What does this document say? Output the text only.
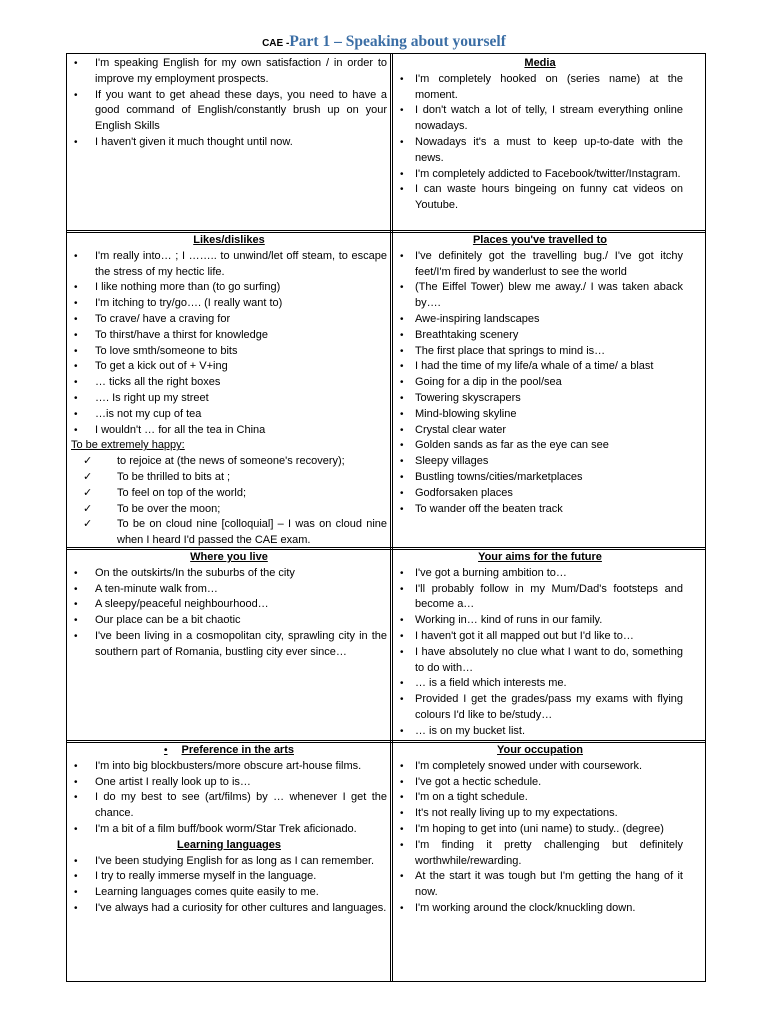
CAE -Part 1 – Speaking about yourself
• I'm speaking English for my own satisfaction / in order to improve my employment prospects.
• If you want to get ahead these days, you need to have a good command of English/constantly brush up on your English Skills
• I haven't given it much thought until now.
Media
• I'm completely hooked on (series name) at the moment.
• I don't watch a lot of telly, I stream everything online nowadays.
• Nowadays it's a must to keep up-to-date with the news.
• I'm completely addicted to Facebook/twitter/Instagram.
• I can waste hours bingeing on funny cat videos on Youtube.
Likes/dislikes
• I'm really into… ; I …….. to unwind/let off steam, to escape the stress of my hectic life.
• I like nothing more than (to go surfing)
• I'm itching to try/go…. (I really want to)
• To crave/ have a craving for
• To thirst/have a thirst for knowledge
• To love smth/someone to bits
• To get a kick out of + V+ing
• … ticks all the right boxes
• …. Is right up my street
• …is not my cup of tea
• I wouldn't … for all the tea in China
To be extremely happy:
✓ to rejoice at (the news of someone's recovery);
✓ To be thrilled to bits at ;
✓ To feel on top of the world;
✓ To be over the moon;
✓ To be on cloud nine [colloquial] – I was on cloud nine when I heard I'd passed the CAE exam.
Places you've travelled to
• I've definitely got the travelling bug./ I've got itchy feet/I'm fired by wanderlust to see the world
• (The Eiffel Tower) blew me away./ I was taken aback by….
• Awe-inspiring landscapes
• Breathtaking scenery
• The first place that springs to mind is…
• I had the time of my life/a whale of a time/ a blast
• Going for a dip in the pool/sea
• Towering skyscrapers
• Mind-blowing skyline
• Crystal clear water
• Golden sands as far as the eye can see
• Sleepy villages
• Bustling towns/cities/marketplaces
• Godforsaken places
• To wander off the beaten track
Where you live
• On the outskirts/In the suburbs of the city
• A ten-minute walk from…
• A sleepy/peaceful neighbourhood…
• Our place can be a bit chaotic
• I've been living in a cosmopolitan city, sprawling city in the southern part of Romania, bustling city ever since…
Your aims for the future
• I've got a burning ambition to…
• I'll probably follow in my Mum/Dad's footsteps and become a…
• Working in… kind of runs in our family.
• I haven't got it all mapped out but I'd like to…
• I have absolutely no clue what I want to do, something to do with…
• … is a field which interests me.
• Provided I get the grades/pass my exams with flying colours I'd like to be/study…
• … is on my bucket list.
• Preference in the arts
• I'm into big blockbusters/more obscure art-house films.
• One artist I really look up to is…
• I do my best to see (art/films) by … whenever I get the chance.
• I'm a bit of a film buff/book worm/Star Trek aficionado.
Learning languages
• I've been studying English for as long as I can remember.
• I try to really immerse myself in the language.
• Learning languages comes quite easily to me.
• I've always had a curiosity for other cultures and languages.
Your occupation
• I'm completely snowed under with coursework.
• I've got a hectic schedule.
• I'm on a tight schedule.
• It's not really living up to my expectations.
• I'm hoping to get into (uni name) to study.. (degree)
• I'm finding it pretty challenging but definitely worthwhile/rewarding.
• At the start it was tough but I'm getting the hang of it now.
• I'm working around the clock/knuckling down.
